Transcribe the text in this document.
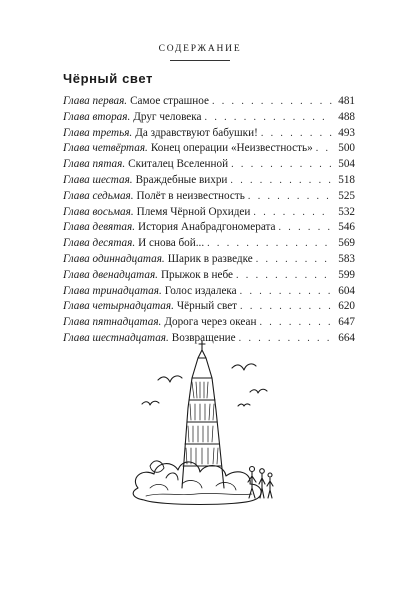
СОДЕРЖАНИЕ
Чёрный свет
Глава первая. Самое страшное . . .	481
Глава вторая. Друг человека . . .	488
Глава третья. Да здравствуют бабушки! . . .	493
Глава четвёртая. Конец операции «Неизвестность» . . . 500
Глава пятая. Скиталец Вселенной . . .	504
Глава шестая. Враждебные вихри . . .	518
Глава седьмая. Полёт в неизвестность . . .	525
Глава восьмая. Племя Чёрной Орхидеи . . .	532
Глава девятая. История Анабрадгономерата . . .	546
Глава десятая. И снова бой... . . .	569
Глава одиннадцатая. Шарик в разведке . . .	583
Глава двенадцатая. Прыжок в небе . . .	599
Глава тринадцатая. Голос издалека . . .	604
Глава четырнадцатая. Чёрный свет . . .	620
Глава пятнадцатая. Дорога через океан . . .	647
Глава шестнадцатая. Возвращение . . .	664
